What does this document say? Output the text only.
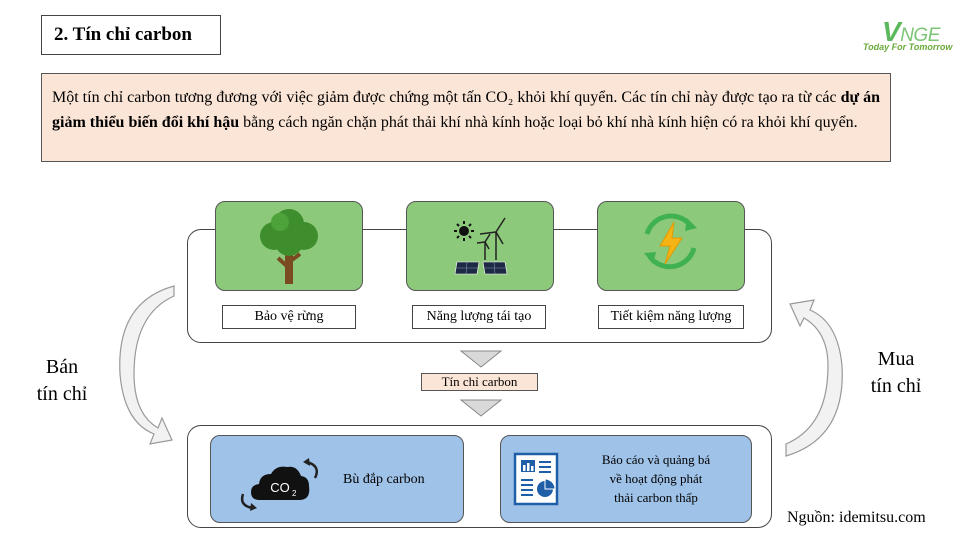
2. Tín chỉ carbon	VNGE
Today For Tomorrow
Một tín chỉ carbon tương đương với việc giảm được chứng một tấn CO₂ khỏi khí quyển. Các tín chỉ này được tạo ra từ các dự án giảm thiểu biến đổi khí hậu bằng cách ngăn chặn phát thải khí nhà kính hoặc loại bỏ khí nhà kính hiện có ra khỏi khí quyển.
Bảo vệ rừng	Năng lượng tái tạo	Tiết kiệm năng lượng
Tín chỉ carbon
CO 2
Bù đắp carbon
Báo cáo và quảng bá
về hoạt động phát
thải carbon thấp
Bán
tín chỉ
Mua
tín chỉ
Nguồn: idemitsu.com
